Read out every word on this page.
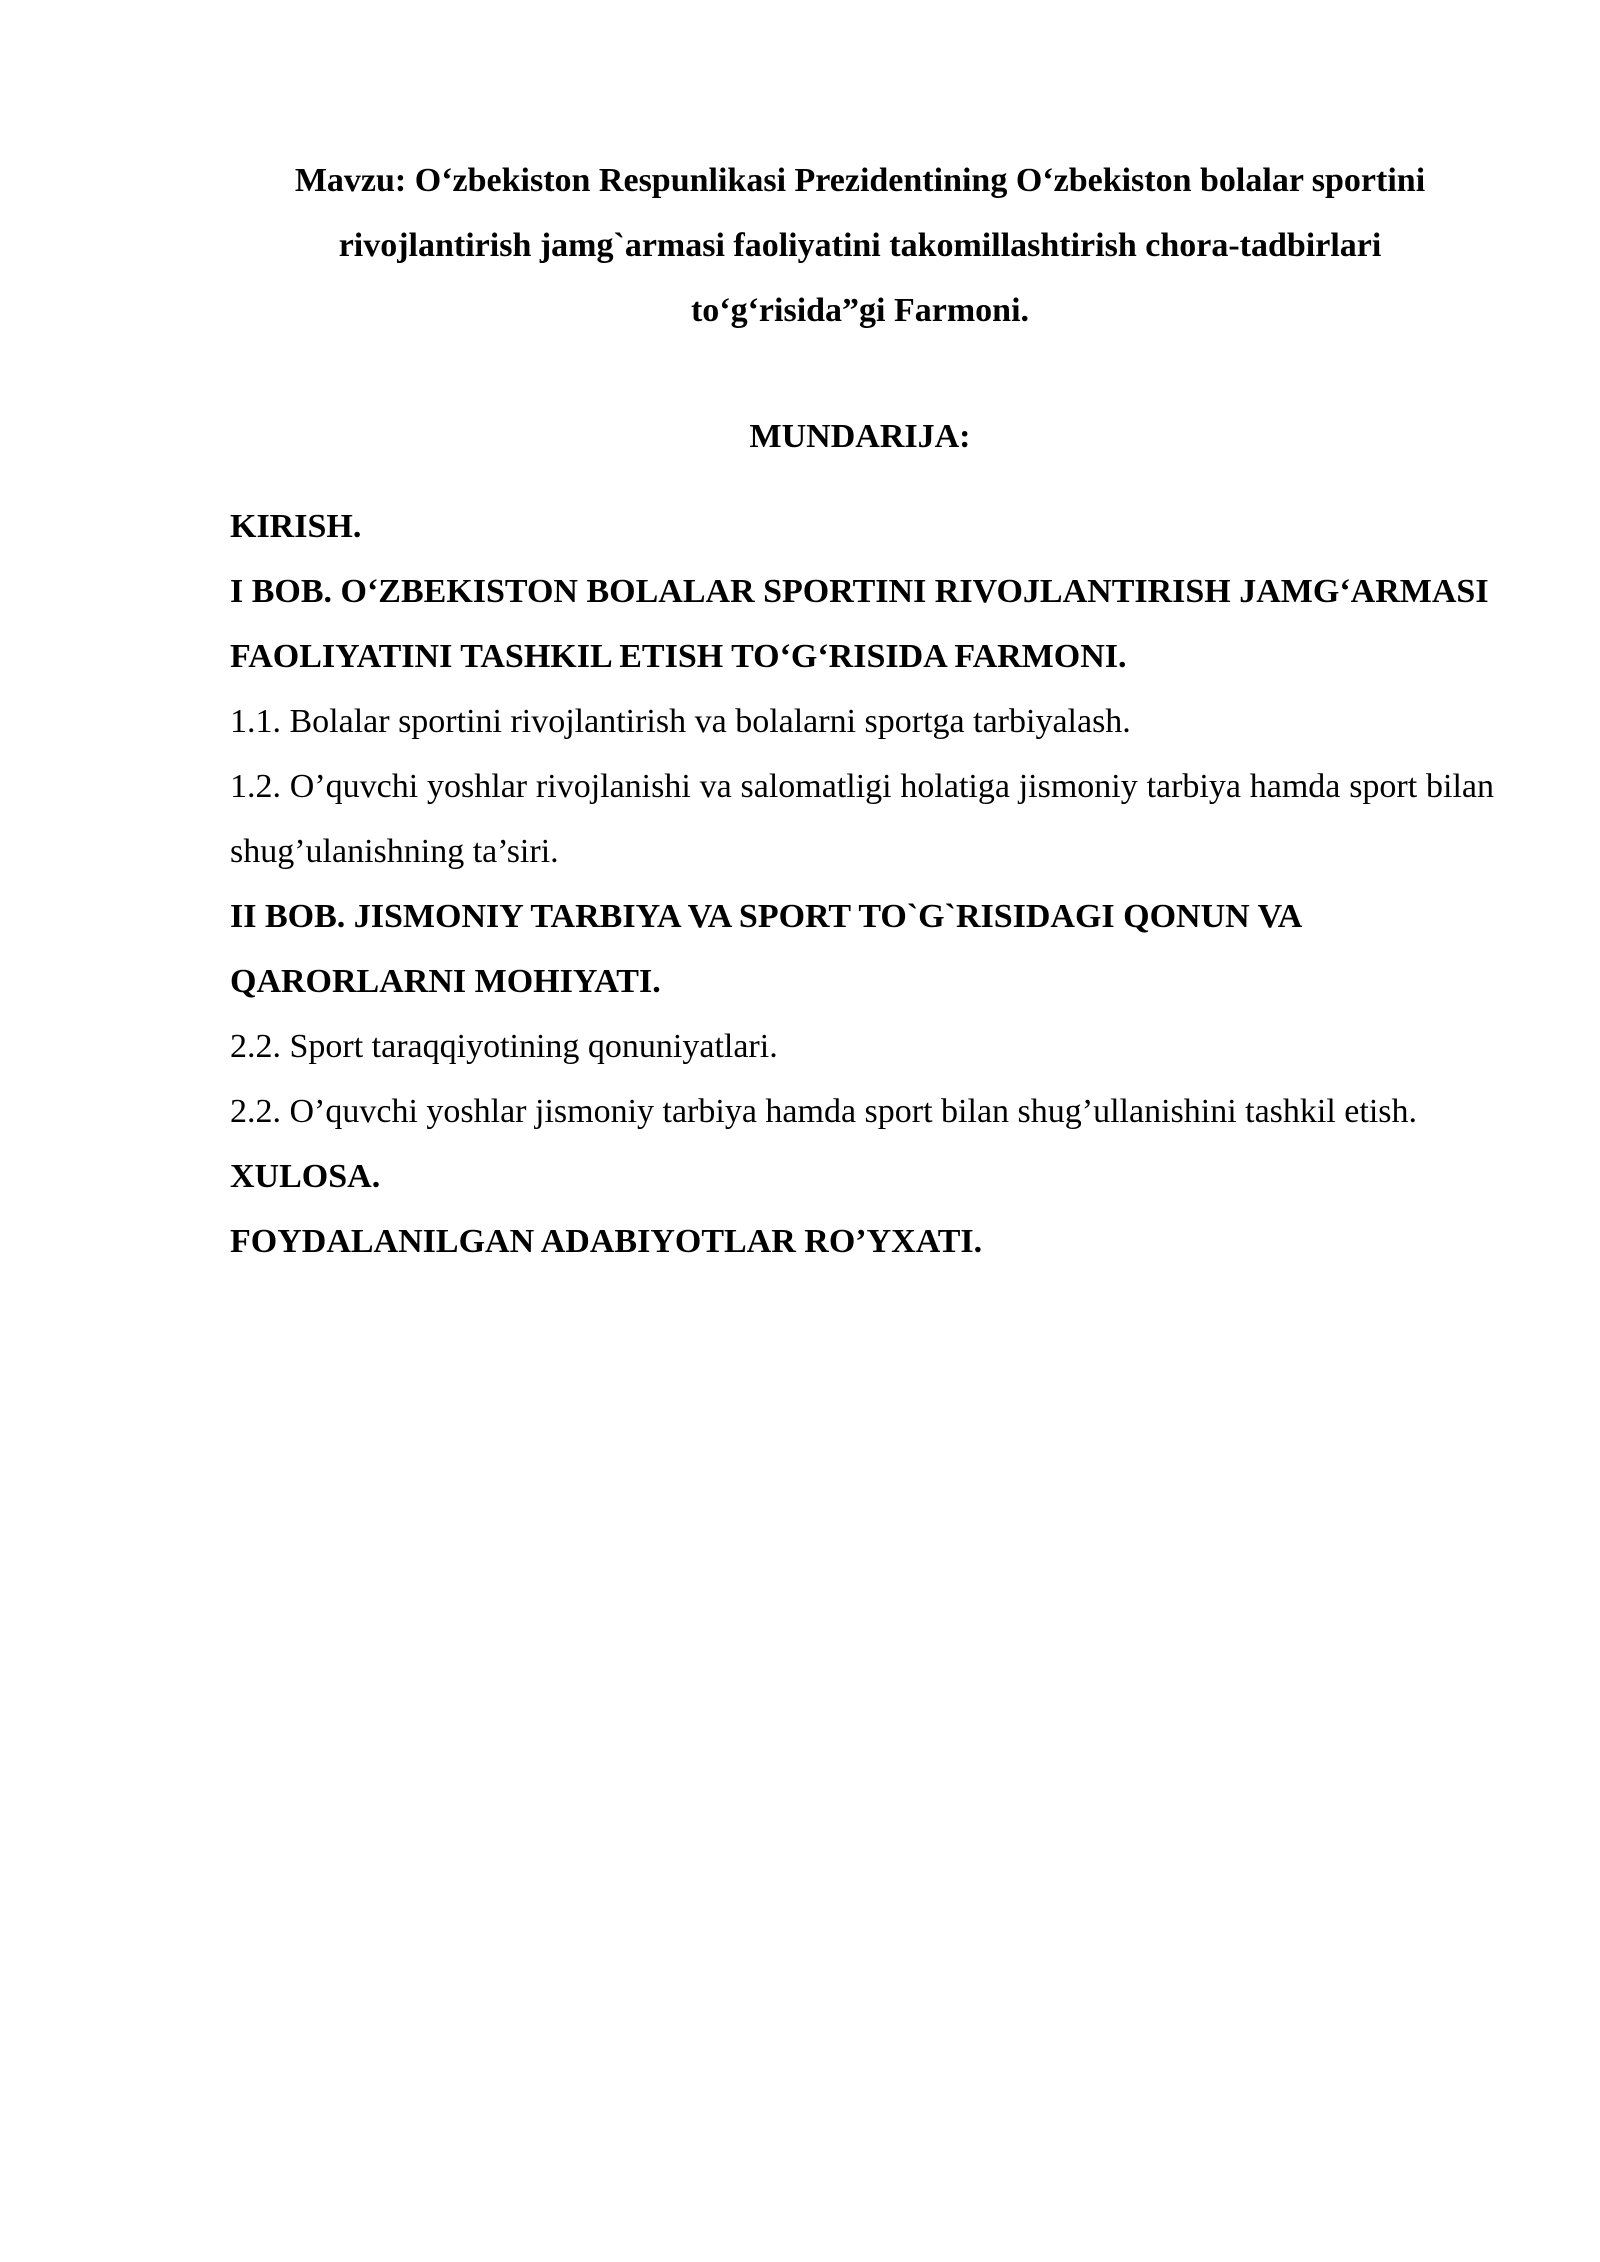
Mavzu: O‘zbekiston Respunlikasi Prezidentining O‘zbekiston bolalar sportini rivojlantirish jamg`armasi faoliyatini takomillashtirish chora-tadbirlari to‘g‘risida”gi Farmoni.

MUNDARIJA:

KIRISH.
I BOB. O‘ZBEKISTON BOLALAR SPORTINI RIVOJLANTIRISH JAMG‘ARMASI FAOLIYATINI TASHKIL ETISH TO‘G‘RISIDA FARMONI.
1.1. Bolalar sportini rivojlantirish va bolalarni sportga tarbiyalash.
1.2. O’quvchi yoshlar rivojlanishi va salomatligi holatiga jismoniy tarbiya hamda sport bilan shug’ulanishning ta’siri.
II BOB. JISMONIY TARBIYA VA SPORT TO`G`RISIDAGI QONUN VA QARORLARNI MOHIYATI.
2.2. Sport taraqqiyotining qonuniyatlari.
2.2. O’quvchi yoshlar jismoniy tarbiya hamda sport bilan shug’ullanishini tashkil etish.
XULOSA.
FOYDALANILGAN ADABIYOTLAR RO’YXATI.
